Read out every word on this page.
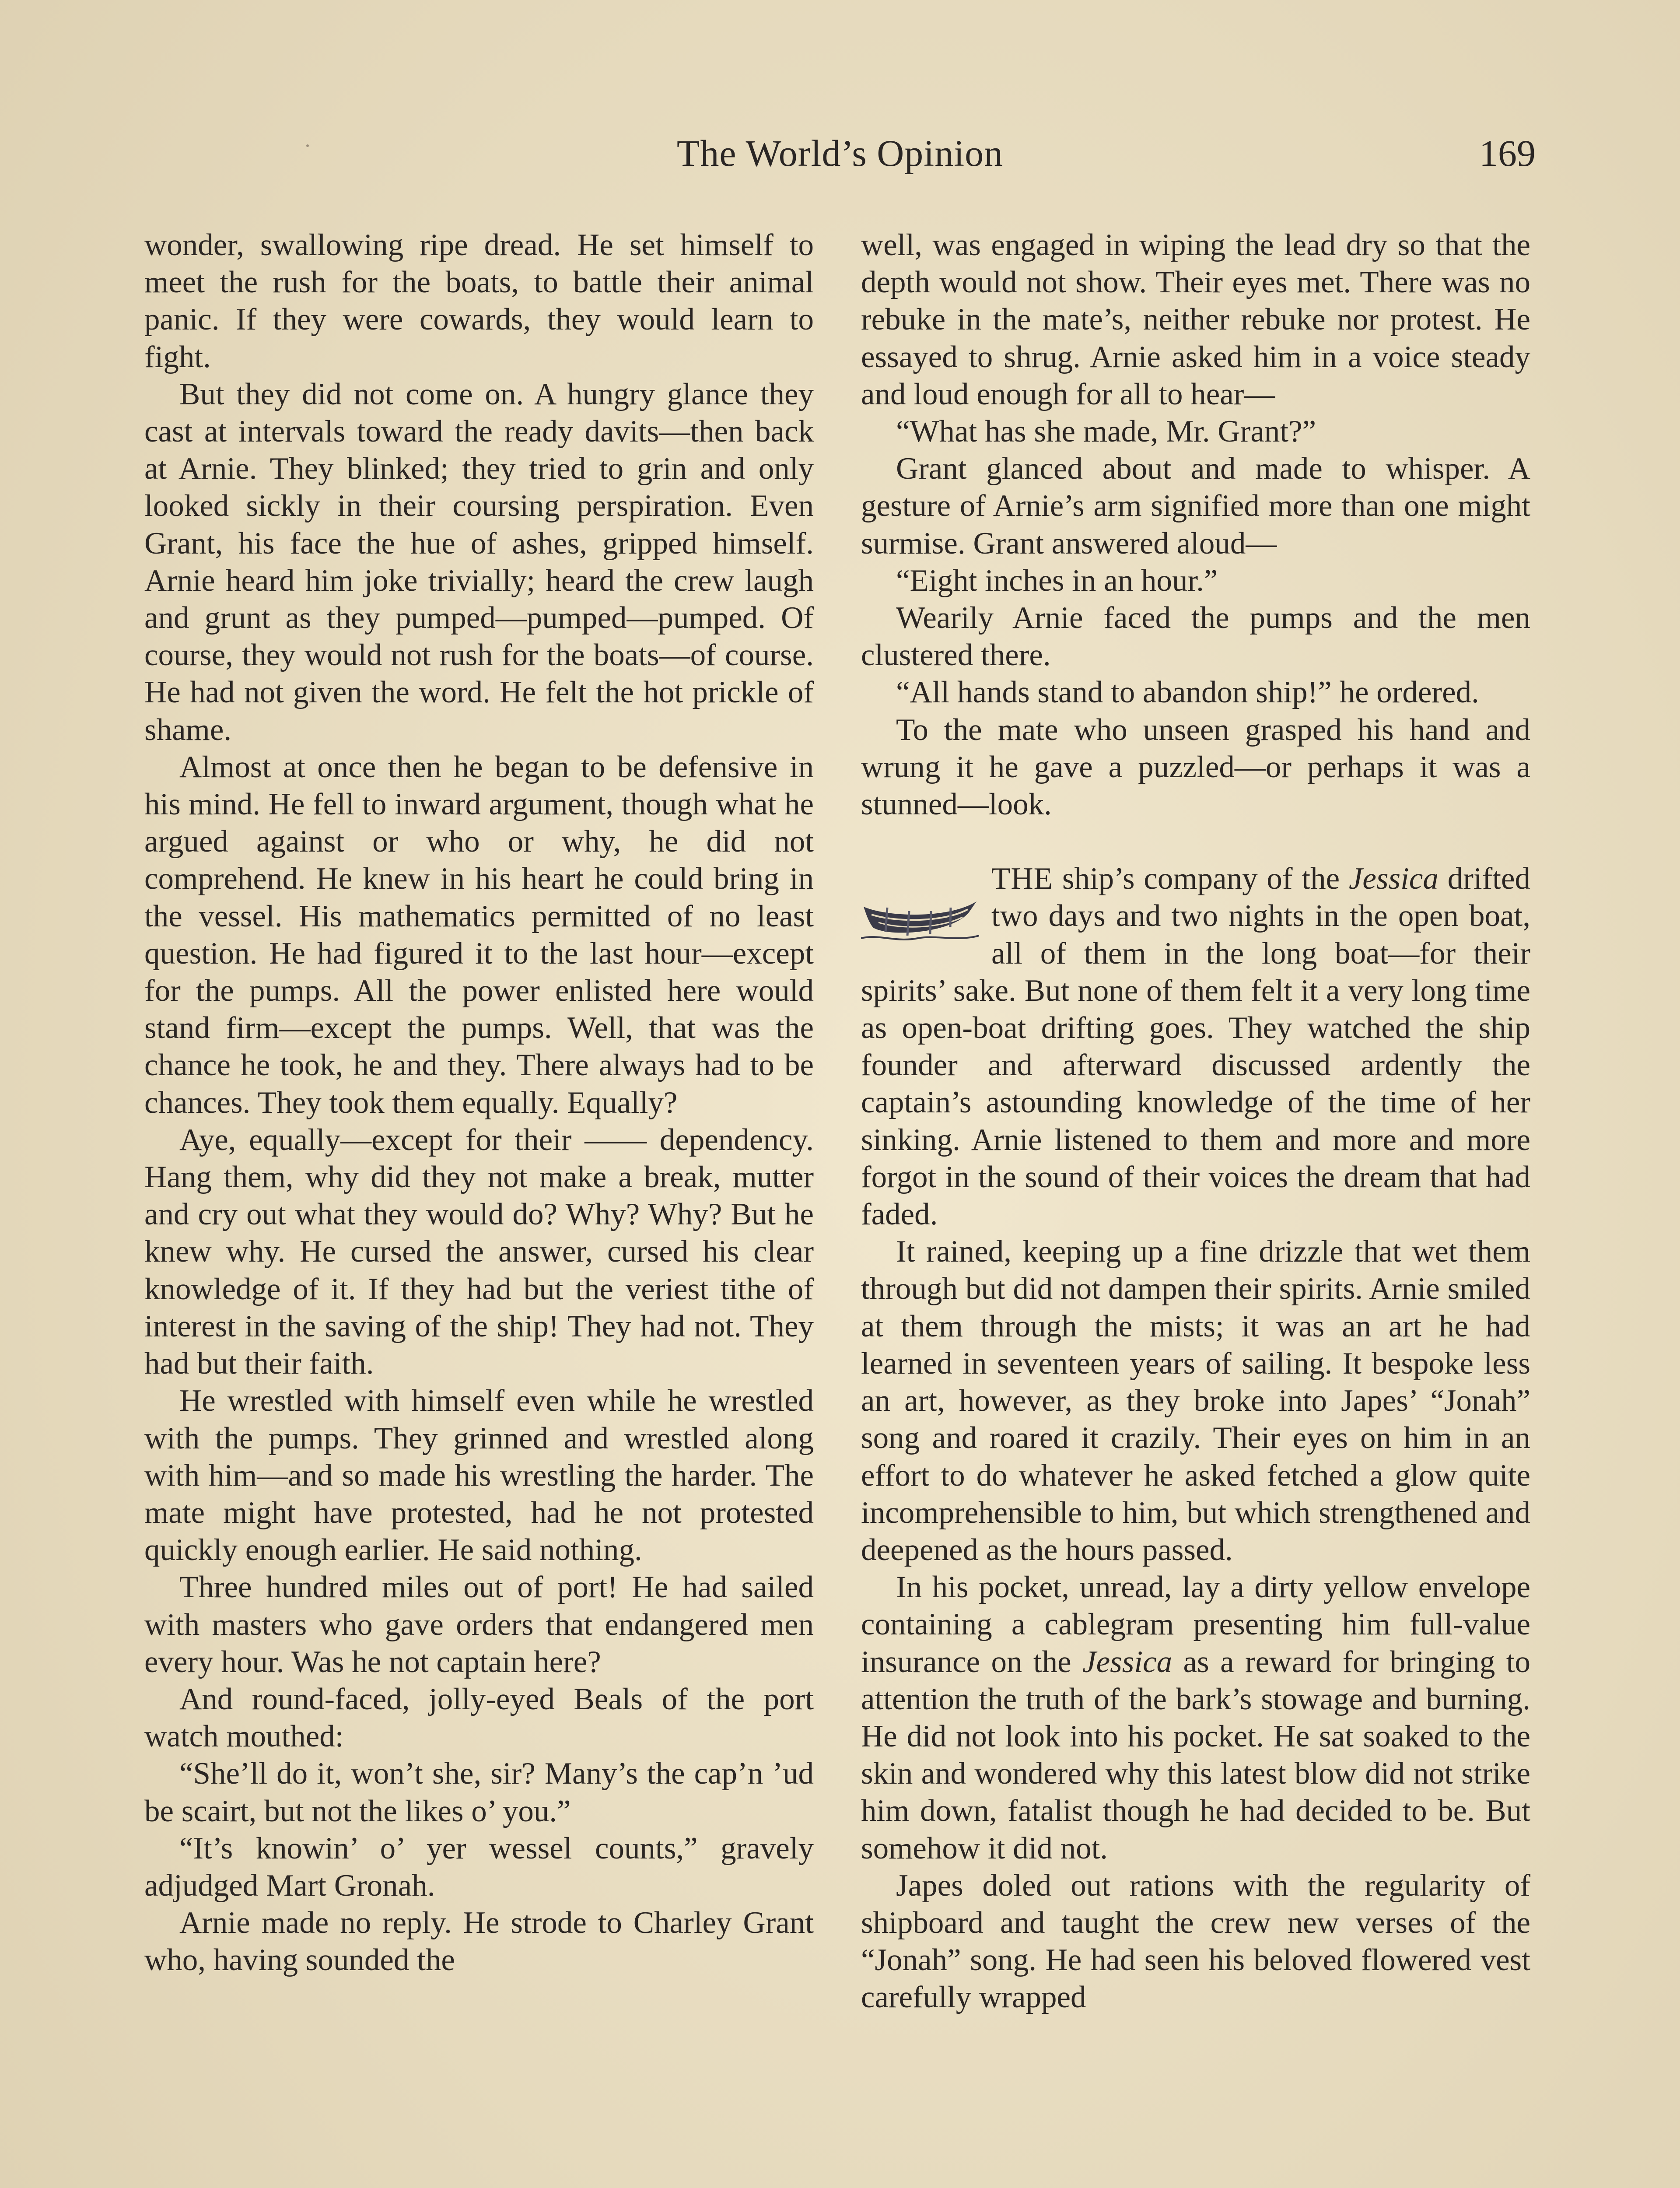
The World’s Opinion	169

wonder, swallowing ripe dread. He set himself to meet the rush for the boats, to battle their animal panic. If they were cowards, they would learn to fight.

But they did not come on. A hungry glance they cast at intervals toward the ready davits—then back at Arnie. They blinked; they tried to grin and only looked sickly in their coursing perspiration. Even Grant, his face the hue of ashes, gripped himself. Arnie heard him joke trivially; heard the crew laugh and grunt as they pumped—pumped—pumped. Of course, they would not rush for the boats—of course. He had not given the word. He felt the hot prickle of shame.

Almost at once then he began to be defensive in his mind. He fell to inward argument, though what he argued against or who or why, he did not comprehend. He knew in his heart he could bring in the vessel. His mathematics permitted of no least question. He had figured it to the last hour—except for the pumps. All the power enlisted here would stand firm—except the pumps. Well, that was the chance he took, he and they. There always had to be chances. They took them equally. Equally?

Aye, equally—except for their —— dependency. Hang them, why did they not make a break, mutter and cry out what they would do? Why? Why? But he knew why. He cursed the answer, cursed his clear knowledge of it. If they had but the veriest tithe of interest in the saving of the ship! They had not. They had but their faith.

He wrestled with himself even while he wrestled with the pumps. They grinned and wrestled along with him—and so made his wrestling the harder. The mate might have protested, had he not protested quickly enough earlier. He said nothing.

Three hundred miles out of port! He had sailed with masters who gave orders that endangered men every hour. Was he not captain here?

And round-faced, jolly-eyed Beals of the port watch mouthed:

“She’ll do it, won’t she, sir? Many’s the cap’n ’ud be scairt, but not the likes o’ you.”

“It’s knowin’ o’ yer wessel counts,” gravely adjudged Mart Gronah.

Arnie made no reply. He strode to Charley Grant who, having sounded the

well, was engaged in wiping the lead dry so that the depth would not show. Their eyes met. There was no rebuke in the mate’s, neither rebuke nor protest. He essayed to shrug. Arnie asked him in a voice steady and loud enough for all to hear—

“What has she made, Mr. Grant?”

Grant glanced about and made to whisper. A gesture of Arnie’s arm signified more than one might surmise. Grant answered aloud—

“Eight inches in an hour.”

Wearily Arnie faced the pumps and the men clustered there.

“All hands stand to abandon ship!” he ordered.

To the mate who unseen grasped his hand and wrung it he gave a puzzled—or perhaps it was a stunned—look.

THE ship’s company of the Jessica drifted two days and two nights in the open boat, all of them in the long boat—for their spirits’ sake. But none of them felt it a very long time as open-boat drifting goes. They watched the ship founder and afterward discussed ardently the captain’s astounding knowledge of the time of her sinking. Arnie listened to them and more and more forgot in the sound of their voices the dream that had faded.

It rained, keeping up a fine drizzle that wet them through but did not dampen their spirits. Arnie smiled at them through the mists; it was an art he had learned in seventeen years of sailing. It bespoke less an art, however, as they broke into Japes’ “Jonah” song and roared it crazily. Their eyes on him in an effort to do whatever he asked fetched a glow quite incomprehensible to him, but which strengthened and deepened as the hours passed.

In his pocket, unread, lay a dirty yellow envelope containing a cablegram presenting him full-value insurance on the Jessica as a reward for bringing to attention the truth of the bark’s stowage and burning. He did not look into his pocket. He sat soaked to the skin and wondered why this latest blow did not strike him down, fatalist though he had decided to be. But somehow it did not.

Japes doled out rations with the regularity of shipboard and taught the crew new verses of the “Jonah” song. He had seen his beloved flowered vest carefully wrapped
